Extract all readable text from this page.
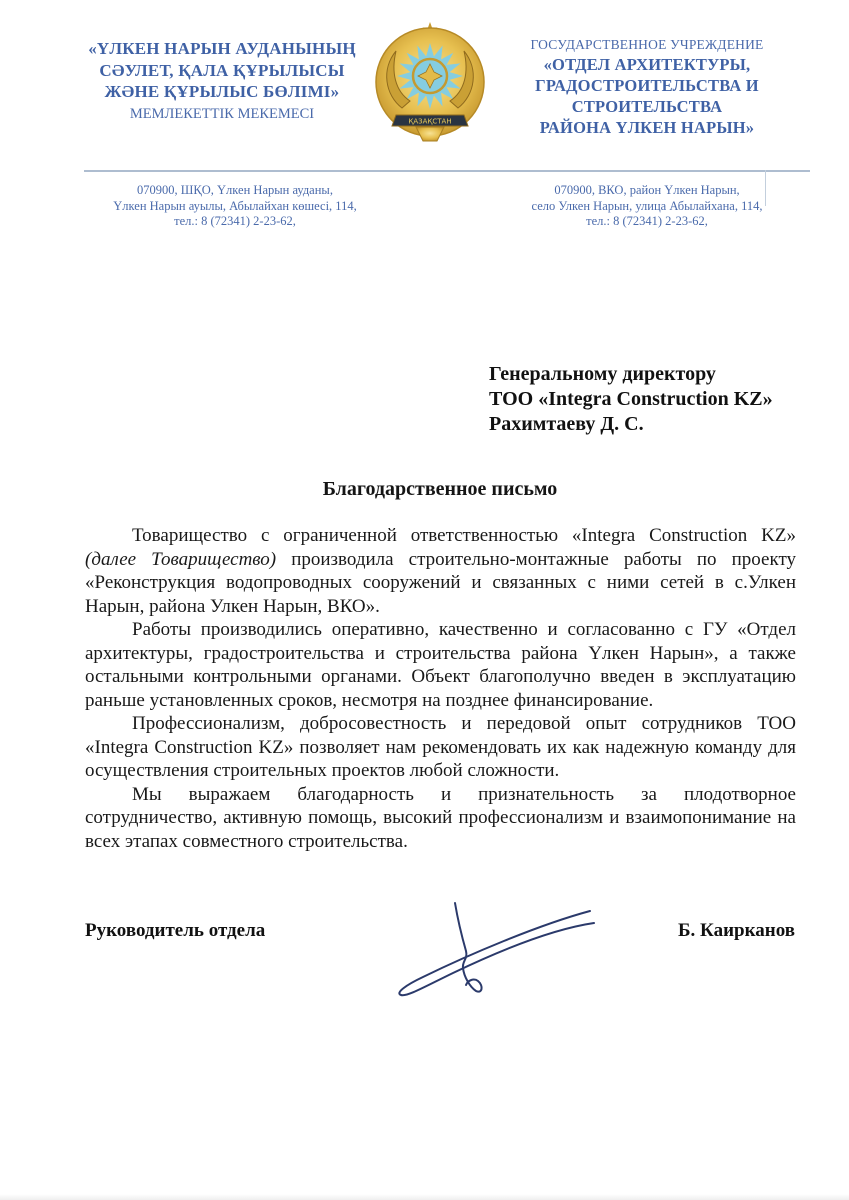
«ҮЛКЕН НАРЫН АУДАНЫНЫҢ
СӘУЛЕТ, ҚАЛА ҚҰРЫЛЫСЫ
ЖӘНЕ ҚҰРЫЛЫС БӨЛІМІ»
МЕМЛЕКЕТТІК МЕКЕМЕСІ	ҚАЗАҚСТАН
ГОСУДАРСТВЕННОЕ УЧРЕЖДЕНИЕ
«ОТДЕЛ АРХИТЕКТУРЫ,
ГРАДОСТРОИТЕЛЬСТВА И
СТРОИТЕЛЬСТВА
РАЙОНА ҮЛКЕН НАРЫН»
070900, ШҚО, Үлкен Нарын ауданы,
Үлкен Нарын ауылы, Абылайхан көшесі, 114,
тел.: 8 (72341) 2-23-62,
070900, ВКО, район Үлкен Нарын,
село Улкен Нарын, улица Абылайхана, 114,
тел.: 8 (72341) 2-23-62,
Генеральному директору
ТОО «Integra Construction KZ»
Рахимтаеву Д. С.
Благодарственное письмо

Товарищество с ограниченной ответственностью «Integra Construction KZ» (далее Товарищество) производила строительно-монтажные работы по проекту «Реконструкция водопроводных сооружений и связанных с ними сетей в с.Улкен Нарын, района Улкен Нарын, ВКО».

Работы производились оперативно, качественно и согласованно с ГУ «Отдел архитектуры, градостроительства и строительства района Үлкен Нарын», а также остальными контрольными органами. Объект благополучно введен в эксплуатацию раньше установленных сроков, несмотря на позднее финансирование.

Профессионализм, добросовестность и передовой опыт сотрудников ТОО «Integra Construction KZ» позволяет нам рекомендовать их как надежную команду для осуществления строительных проектов любой сложности.

Мы выражаем благодарность и признательность за плодотворное сотрудничество, активную помощь, высокий профессионализм и взаимопонимание на всех этапах совместного строительства.

Руководитель отдела	Б. Каирканов
